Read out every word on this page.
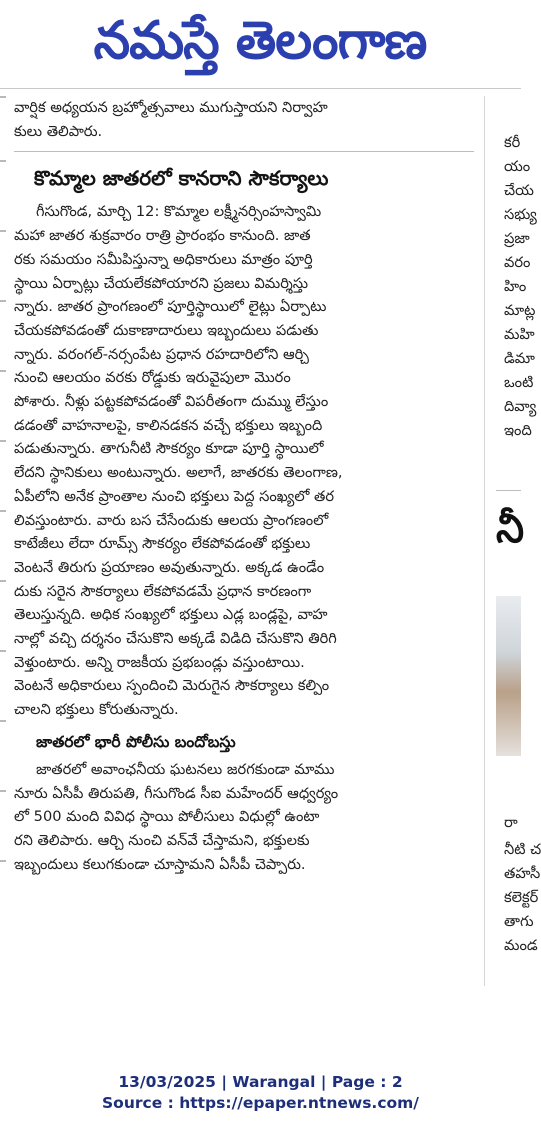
నమస్తే తెలంగాణ

వార్షిక అధ్యయన బ్రహ్మోత్సవాలు ముగుస్తాయని నిర్వాహ
కులు తెలిపారు.

కొమ్మాల జాతరలో కానరాని సౌకర్యాలు

గీసుగొండ, మార్చి 12: కొమ్మాల లక్ష్మీనర్సింహస్వామి
మహా జాతర శుక్రవారం రాత్రి ప్రారంభం కానుంది. జాత
రకు సమయం సమీపిస్తున్నా అధికారులు మాత్రం పూర్తి
స్థాయి ఏర్పాట్లు చేయలేకపోయారని ప్రజలు విమర్శిస్తు
న్నారు. జాతర ప్రాంగణంలో పూర్తిస్థాయిలో లైట్లు ఏర్పాటు
చేయకపోవడంతో దుకాణాదారులు ఇబ్బందులు పడుతు
న్నారు. వరంగల్-నర్సంపేట ప్రధాన రహదారిలోని ఆర్చి
నుంచి ఆలయం వరకు రోడ్డుకు ఇరువైపులా మొరం
పోశారు. నీళ్లు పట్టకపోవడంతో విపరీతంగా దుమ్ము లేస్తుం
డడంతో వాహనాలపై, కాలినడకన వచ్చే భక్తులు ఇబ్బంది
పడుతున్నారు. తాగునీటి సౌకర్యం కూడా పూర్తి స్థాయిలో
లేదని స్థానికులు అంటున్నారు. అలాగే, జాతరకు తెలంగాణ,
ఏపీలోని అనేక ప్రాంతాల నుంచి భక్తులు పెద్ద సంఖ్యలో తర
లివస్తుంటారు. వారు బస చేసేందుకు ఆలయ ప్రాంగణంలో
కాటేజీలు లేదా రూమ్స్ సౌకర్యం లేకపోవడంతో భక్తులు
వెంటనే తిరుగు ప్రయాణం అవుతున్నారు. అక్కడ ఉండేం
దుకు సరైన సౌకర్యాలు లేకపోవడమే ప్రధాన కారణంగా
తెలుస్తున్నది. అధిక సంఖ్యలో భక్తులు ఎడ్ల బండ్లపై, వాహ
నాల్లో వచ్చి దర్శనం చేసుకొని అక్కడే విడిది చేసుకొని తిరిగి
వెళ్తుంటారు. అన్ని రాజకీయ ప్రభబండ్లు వస్తుంటాయి.
వెంటనే అధికారులు స్పందించి మెరుగైన సౌకర్యాలు కల్పిం
చాలని భక్తులు కోరుతున్నారు.

జాతరలో భారీ పోలీసు బందోబస్తు

జాతరలో అవాంఛనీయ ఘటనలు జరగకుండా మాము
నూరు ఏసీపీ తిరుపతి, గీసుగొండ సీఐ మహేందర్ ఆధ్వర్యం
లో 500 మంది వివిధ స్థాయి పోలీసులు విధుల్లో ఉంటా
రని తెలిపారు. ఆర్చి నుంచి వన్‌వే చేస్తామని, భక్తులకు
ఇబ్బందులు కలుగకుండా చూస్తామని ఏసీపీ చెప్పారు.

కరీ
యం
చేయ
సభ్యు
ప్రజా
వరం
హిం
మాట్ల
మహి
డిమా
ఒంటి
దివ్యా
ఇంది
నీ
రా
నీటి చ
తహసీ
కలెక్టర్
తాగు
మండ
13/03/2025 | Warangal | Page : 2
Source : https://epaper.ntnews.com/
